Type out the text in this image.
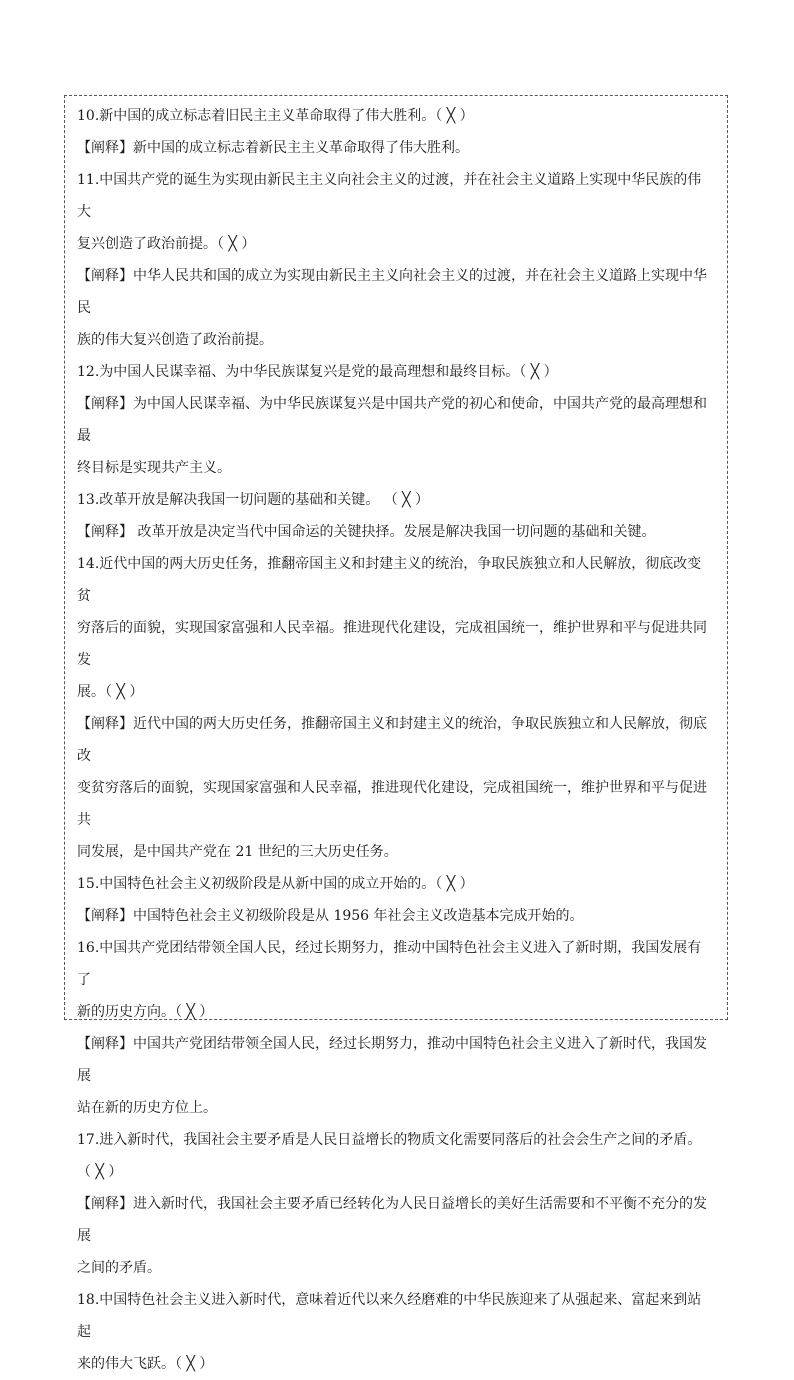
10.新中国的成立标志着旧民主主义革命取得了伟大胜利。（ ╳ ）

【阐释】新中国的成立标志着新民主主义革命取得了伟大胜利。

11.中国共产党的诞生为实现由新民主主义向社会主义的过渡，并在社会主义道路上实现中华民族的伟大

复兴创造了政治前提。（ ╳ ）

【阐释】中华人民共和国的成立为实现由新民主主义向社会主义的过渡，并在社会主义道路上实现中华民

族的伟大复兴创造了政治前提。

12.为中国人民谋幸福、为中华民族谋复兴是党的最高理想和最终目标。（ ╳ ）

【阐释】为中国人民谋幸福、为中华民族谋复兴是中国共产党的初心和使命，中国共产党的最高理想和最

终目标是实现共产主义。

13.改革开放是解决我国一切问题的基础和关键。 （ ╳ ）

【阐释】 改革开放是决定当代中国命运的关键抉择。发展是解决我国一切问题的基础和关键。

14.近代中国的两大历史任务，推翻帝国主义和封建主义的统治，争取民族独立和人民解放，彻底改变贫

穷落后的面貌，实现国家富强和人民幸福。推进现代化建设，完成祖国统一，维护世界和平与促进共同发

展。（ ╳ ）

【阐释】近代中国的两大历史任务，推翻帝国主义和封建主义的统治，争取民族独立和人民解放，彻底改

变贫穷落后的面貌，实现国家富强和人民幸福，推进现代化建设，完成祖国统一，维护世界和平与促进共

同发展，是中国共产党在 21 世纪的三大历史任务。

15.中国特色社会主义初级阶段是从新中国的成立开始的。（ ╳ ）

【阐释】中国特色社会主义初级阶段是从 1956 年社会主义改造基本完成开始的。

16.中国共产党团结带领全国人民，经过长期努力，推动中国特色社会主义进入了新时期，我国发展有了

新的历史方向。（ ╳ ）

【阐释】中国共产党团结带领全国人民，经过长期努力，推动中国特色社会主义进入了新时代，我国发展

站在新的历史方位上。

17.进入新时代，我国社会主要矛盾是人民日益增长的物质文化需要同落后的社会会生产之间的矛盾。

（ ╳ ）

【阐释】进入新时代，我国社会主要矛盾已经转化为人民日益增长的美好生活需要和不平衡不充分的发展

之间的矛盾。

18.中国特色社会主义进入新时代，意味着近代以来久经磨难的中华民族迎来了从强起来、富起来到站起

来的伟大飞跃。（ ╳ ）
